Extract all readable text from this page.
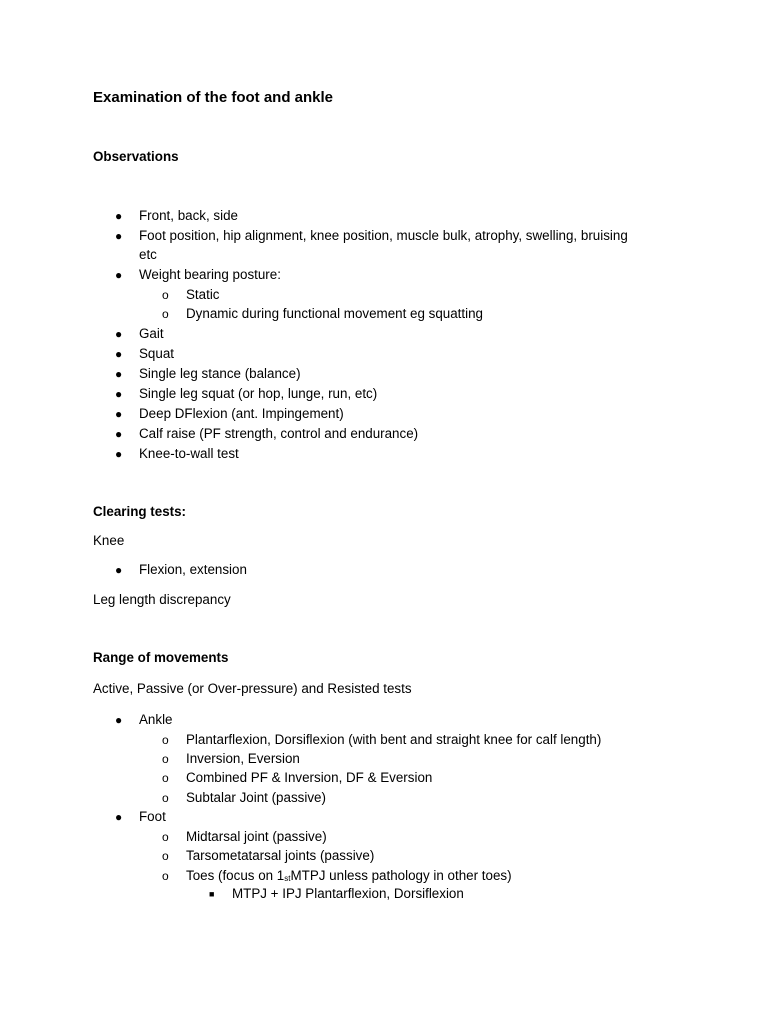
Examination of the foot and ankle
Observations
● Front, back, side
● Foot position, hip alignment, knee position, muscle bulk, atrophy, swelling, bruising
etc
● Weight bearing posture:
o Static
o Dynamic during functional movement eg squatting
● Gait
● Squat
● Single leg stance (balance)
● Single leg squat (or hop, lunge, run, etc)
● Deep DFlexion (ant. Impingement)
● Calf raise (PF strength, control and endurance)
● Knee-to-wall test
Clearing tests:
Knee
● Flexion, extension
Leg length discrepancy
Range of movements
Active, Passive (or Over-pressure) and Resisted tests
● Ankle
o Plantarflexion, Dorsiflexion (with bent and straight knee for calf length)
o Inversion, Eversion
o Combined PF & Inversion, DF & Eversion
o Subtalar Joint (passive)
● Foot
o Midtarsal joint (passive)
o Tarsometatarsal joints (passive)
o Toes (focus on $1_{st}MTPJ$ unless pathology in other toes)
■ MTPJ + IPJ Plantarflexion, Dorsiflexion
